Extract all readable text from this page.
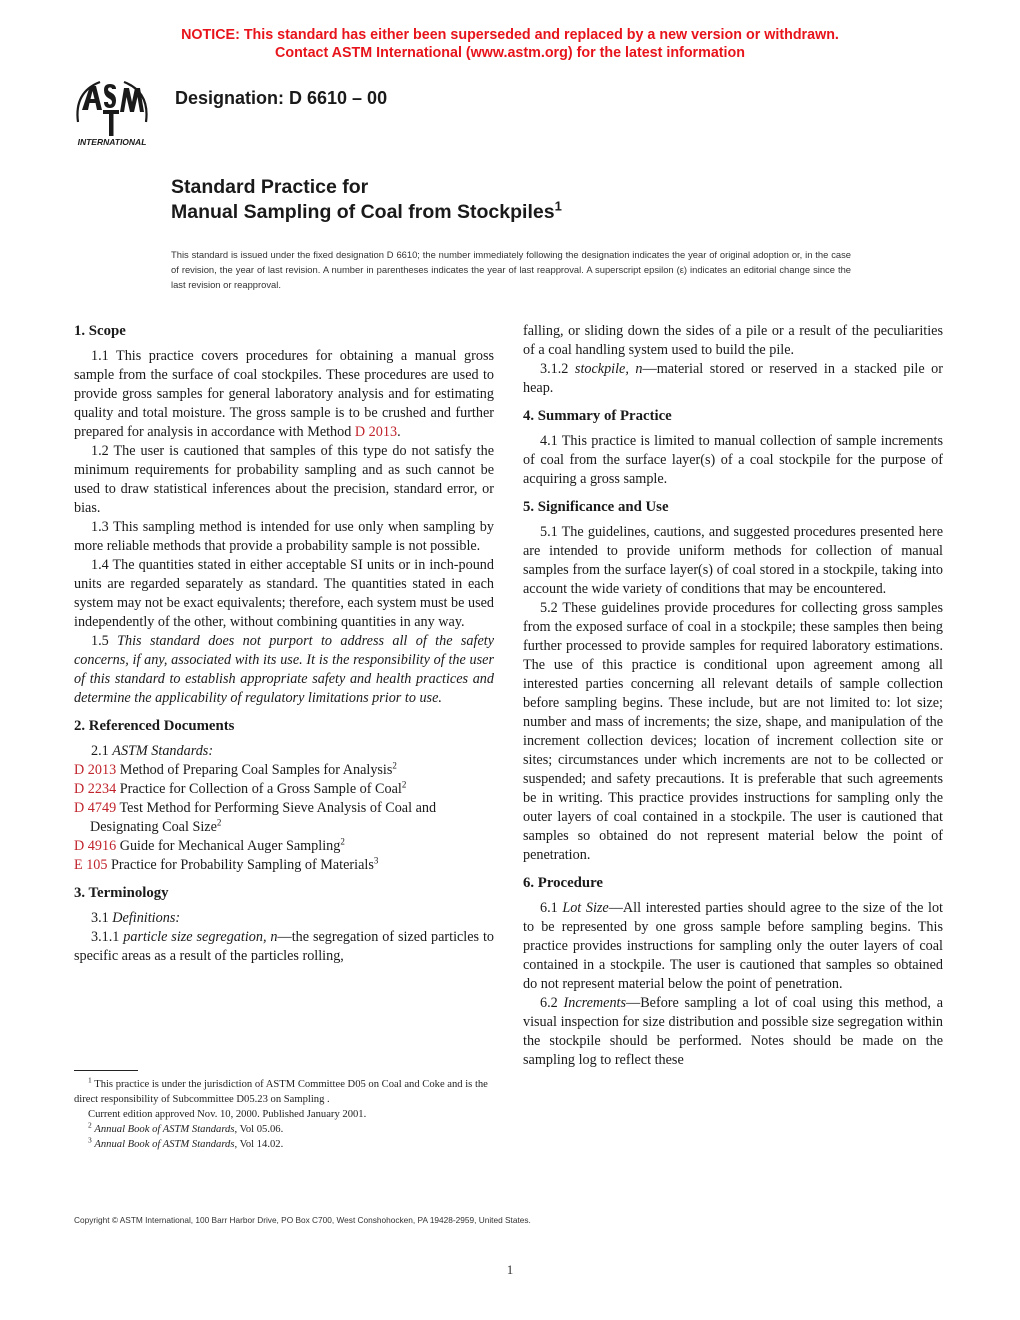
NOTICE: This standard has either been superseded and replaced by a new version or withdrawn.
Contact ASTM International (www.astm.org) for the latest information
INTERNATIONAL
Designation: D 6610 – 00
Standard Practice for
Manual Sampling of Coal from Stockpiles$^1$
This standard is issued under the fixed designation D 6610; the number immediately following the designation indicates the year of original adoption or, in the case of revision, the year of last revision. A number in parentheses indicates the year of last reapproval. A superscript epsilon (ε) indicates an editorial change since the last revision or reapproval.
1. Scope

1.1 This practice covers procedures for obtaining a manual gross sample from the surface of coal stockpiles. These procedures are used to provide gross samples for general laboratory analysis and for estimating quality and total moisture. The gross sample is to be crushed and further prepared for analysis in accordance with Method D 2013.

1.2 The user is cautioned that samples of this type do not satisfy the minimum requirements for probability sampling and as such cannot be used to draw statistical inferences about the precision, standard error, or bias.

1.3 This sampling method is intended for use only when sampling by more reliable methods that provide a probability sample is not possible.

1.4 The quantities stated in either acceptable SI units or in inch-pound units are regarded separately as standard. The quantities stated in each system may not be exact equivalents; therefore, each system must be used independently of the other, without combining quantities in any way.

1.5 This standard does not purport to address all of the safety concerns, if any, associated with its use. It is the responsibility of the user of this standard to establish appropriate safety and health practices and determine the applicability of regulatory limitations prior to use.

2. Referenced Documents

2.1 ASTM Standards:

D 2013 Method of Preparing Coal Samples for Analysis$^2$

D 2234 Practice for Collection of a Gross Sample of Coal$^2$

D 4749 Test Method for Performing Sieve Analysis of Coal and Designating Coal Size$^2$

D 4916 Guide for Mechanical Auger Sampling$^2$

E 105 Practice for Probability Sampling of Materials$^3$

3. Terminology

3.1 Definitions:

3.1.1 particle size segregation, n—the segregation of sized particles to specific areas as a result of the particles rolling,

falling, or sliding down the sides of a pile or a result of the peculiarities of a coal handling system used to build the pile.

3.1.2 stockpile, n—material stored or reserved in a stacked pile or heap.

4. Summary of Practice

4.1 This practice is limited to manual collection of sample increments of coal from the surface layer(s) of a coal stockpile for the purpose of acquiring a gross sample.

5. Significance and Use

5.1 The guidelines, cautions, and suggested procedures presented here are intended to provide uniform methods for collection of manual samples from the surface layer(s) of coal stored in a stockpile, taking into account the wide variety of conditions that may be encountered.

5.2 These guidelines provide procedures for collecting gross samples from the exposed surface of coal in a stockpile; these samples then being further processed to provide samples for required laboratory estimations. The use of this practice is conditional upon agreement among all interested parties concerning all relevant details of sample collection before sampling begins. These include, but are not limited to: lot size; number and mass of increments; the size, shape, and manipulation of the increment collection devices; location of increment collection site or sites; circumstances under which increments are not to be collected or suspended; and safety precautions. It is preferable that such agreements be in writing. This practice provides instructions for sampling only the outer layers of coal contained in a stockpile. The user is cautioned that samples so obtained do not represent material below the point of penetration.

6. Procedure

6.1 Lot Size—All interested parties should agree to the size of the lot to be represented by one gross sample before sampling begins. This practice provides instructions for sampling only the outer layers of coal contained in a stockpile. The user is cautioned that samples so obtained do not represent material below the point of penetration.

6.2 Increments—Before sampling a lot of coal using this method, a visual inspection for size distribution and possible size segregation within the stockpile should be performed. Notes should be made on the sampling log to reflect these

$^1$ This practice is under the jurisdiction of ASTM Committee D05 on Coal and Coke and is the direct responsibility of Subcommittee D05.23 on Sampling .

Current edition approved Nov. 10, 2000. Published January 2001.

$^2$ Annual Book of ASTM Standards, Vol 05.06.

$^3$ Annual Book of ASTM Standards, Vol 14.02.

Copyright © ASTM International, 100 Barr Harbor Drive, PO Box C700, West Conshohocken, PA 19428-2959, United States.
1
